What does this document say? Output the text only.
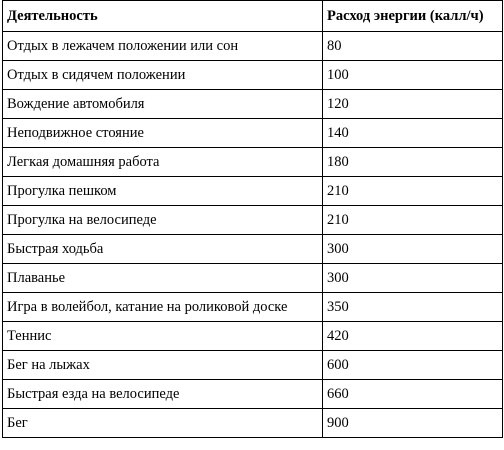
Деятельность	Расход энергии (калл/ч)
Отдых в лежачем положении или сон	80
Отдых в сидячем положении	100
Вождение автомобиля	120
Неподвижное стояние	140
Легкая домашняя работа	180
Прогулка пешком	210
Прогулка на велосипеде	210
Быстрая ходьба	300
Плаванье	300
Игра в волейбол, катание на роликовой доске	350
Теннис	420
Бег на лыжах	600
Быстрая езда на велосипеде	660
Бег	900
